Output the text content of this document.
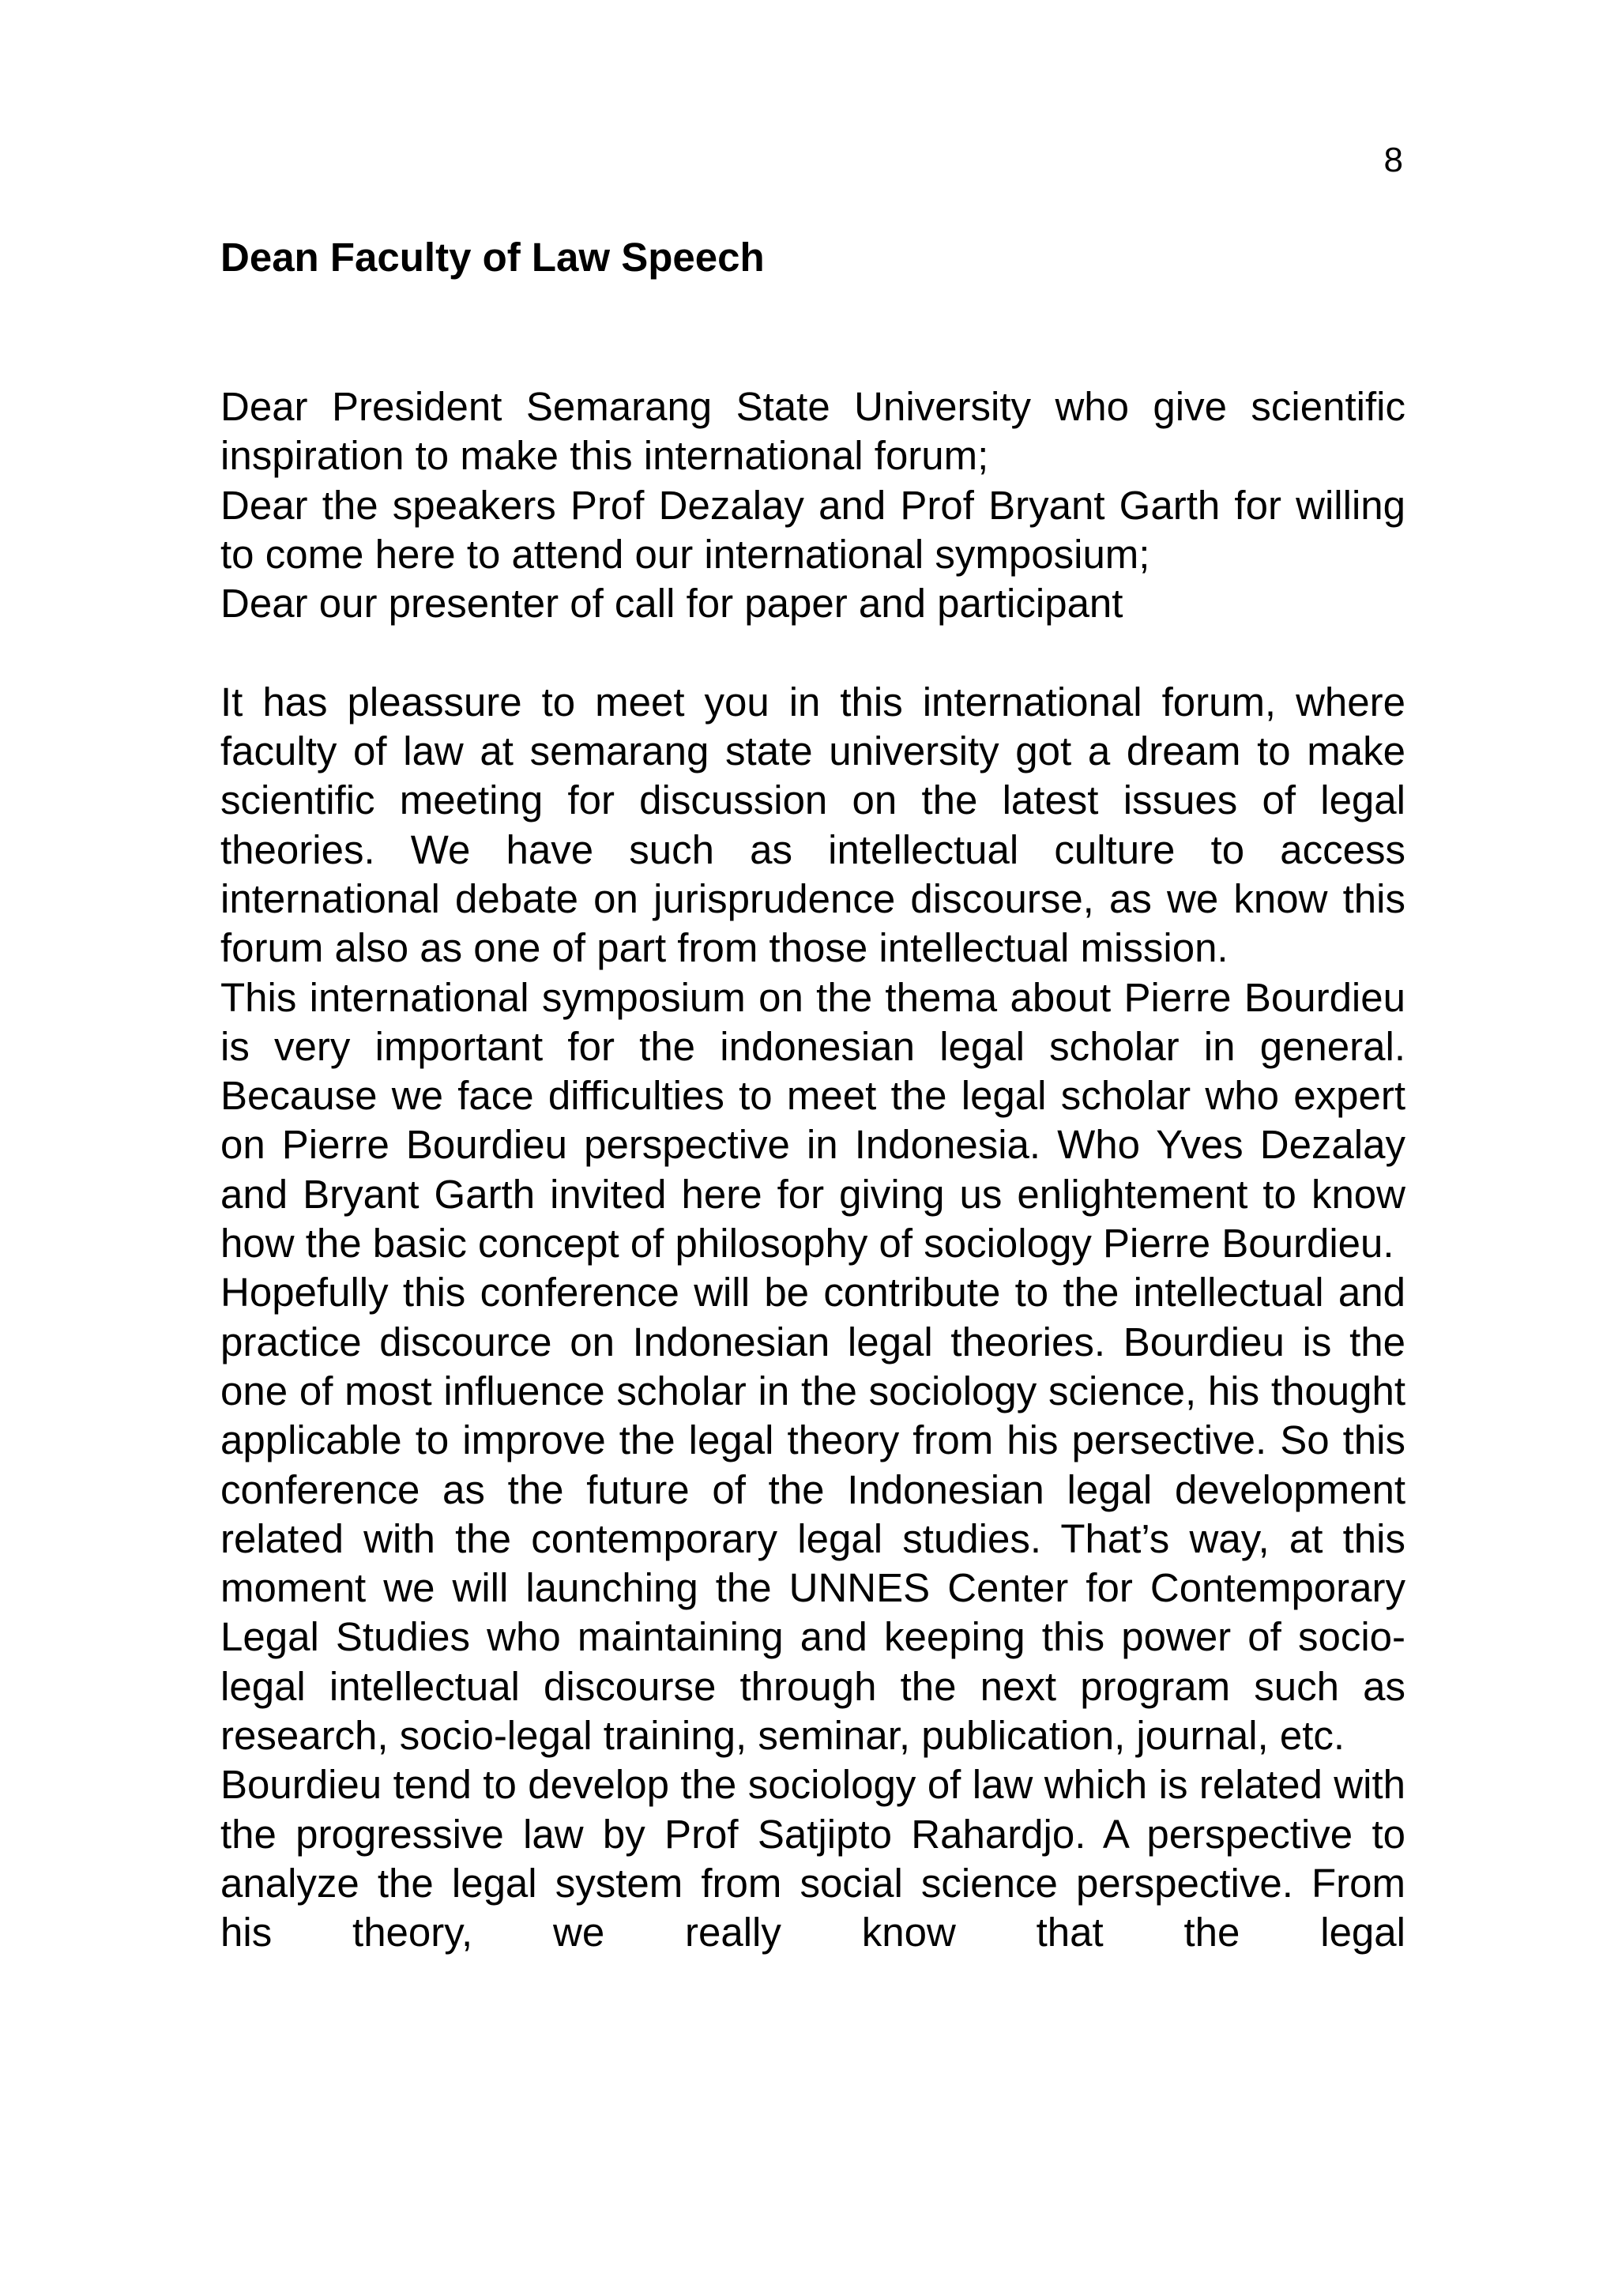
8
Dean Faculty of Law Speech

Dear President Semarang State University who give scientific inspiration to make this international forum;

Dear the speakers Prof Dezalay and Prof Bryant Garth for willing to come here to attend our international symposium;

Dear our presenter of call for paper and participant

It has pleassure to meet you in this international forum, where faculty of law at semarang state university got a dream to make scientific meeting for discussion on the latest issues of legal theories. We have such as intellectual culture to access international debate on jurisprudence discourse, as we know this forum also as one of part from those intellectual mission.

This international symposium on the thema about Pierre Bourdieu is very important for the indonesian legal scholar in general. Because we face difficulties to meet the legal scholar who expert on Pierre Bourdieu perspective in Indonesia. Who Yves Dezalay and Bryant Garth invited here for giving us enlightement to know how the basic concept of philosophy of sociology Pierre Bourdieu.

Hopefully this conference will be contribute to the intellectual and practice discource on Indonesian legal theories. Bourdieu is the one of most influence scholar in the sociology science, his thought applicable to improve the legal theory from his persective. So this conference as the future of the Indonesian legal development related with the contemporary legal studies. That’s way, at this moment we will launching the UNNES Center for Contemporary Legal Studies who maintaining and keeping this power of socio-legal intellectual discourse through the next program such as research, socio-legal training, seminar, publication, journal, etc.

Bourdieu tend to develop the sociology of law which is related with the progressive law by Prof Satjipto Rahardjo. A perspective to analyze the legal system from social science perspective. From his theory, we really know that the legal
